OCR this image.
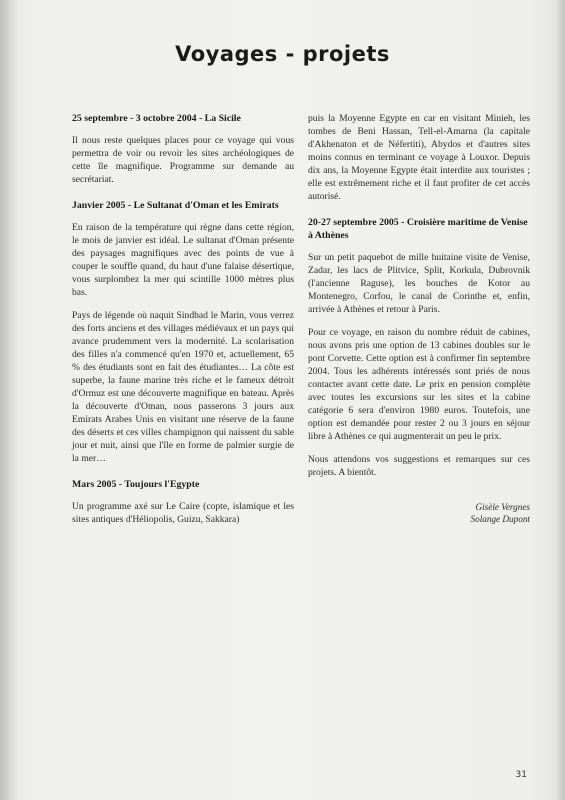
Voyages - projets
25 septembre - 3 octobre 2004 - La Sicile

Il nous reste quelques places pour ce voyage qui vous permettra de voir ou revoir les sites archéologiques de cette île magnifique. Programme sur demande au secrétariat.

Janvier 2005 - Le Sultanat d'Oman et les Emirats

En raison de la température qui règne dans cette région, le mois de janvier est idéal. Le sultanat d'Oman présente des paysages magnifiques avec des points de vue à couper le souffle quand, du haut d'une falaise désertique, vous surplombez la mer qui scintille 1000 mètres plus bas.

Pays de légende où naquit Sindbad le Marin, vous verrez des forts anciens et des villages médiévaux et un pays qui avance prudemment vers la modernité. La scolarisation des filles n'a commencé qu'en 1970 et, actuellement, 65 % des étudiants sont en fait des étudiantes… La côte est superbe, la faune marine très riche et le fameux détroit d'Ormuz est une découverte magnifique en bateau. Après la découverte d'Oman, nous passerons 3 jours aux Emirats Arabes Unis en visitant une réserve de la faune des déserts et ces villes champignon qui naissent du sable jour et nuit, ainsi que l'île en forme de palmier surgie de la mer…

Mars 2005 - Toujours l'Egypte

Un programme axé sur Le Caire (copte, islamique et les sites antiques d'Héliopolis, Guizu, Sakkara)

puis la Moyenne Egypte en car en visitant Minieh, les tombes de Beni Hassan, Tell-el-Amarna (la capitale d'Akhenaton et de Néfertiti), Abydos et d'autres sites moins connus en terminant ce voyage à Louxor. Depuis dix ans, la Moyenne Egypte était interdite aux touristes ; elle est extrêmement riche et il faut profiter de cet accès autorisé.

20-27 septembre 2005 - Croisière maritime de Venise à Athènes

Sur un petit paquebot de mille huitaine visite de Venise, Zadar, les lacs de Plitvice, Split, Korkula, Dubrovnik (l'ancienne Raguse), les bouches de Kotor au Montenegro, Corfou, le canal de Corinthe et, enfin, arrivée à Athènes et retour à Paris.

Pour ce voyage, en raison du nombre réduit de cabines, nous avons pris une option de 13 cabines doubles sur le pont Corvette. Cette option est à confirmer fin septembre 2004. Tous les adhérents intéressés sont priés de nous contacter avant cette date. Le prix en pension complète avec toutes les excursions sur les sites et la cabine catégorie 6 sera d'environ 1980 euros. Toutefois, une option est demandée pour rester 2 ou 3 jours en séjour libre à Athènes ce qui augmenterait un peu le prix.

Nous attendons vos suggestions et remarques sur ces projets. A bientôt.

Gisèle Vergnes
Solange Dupont
31
